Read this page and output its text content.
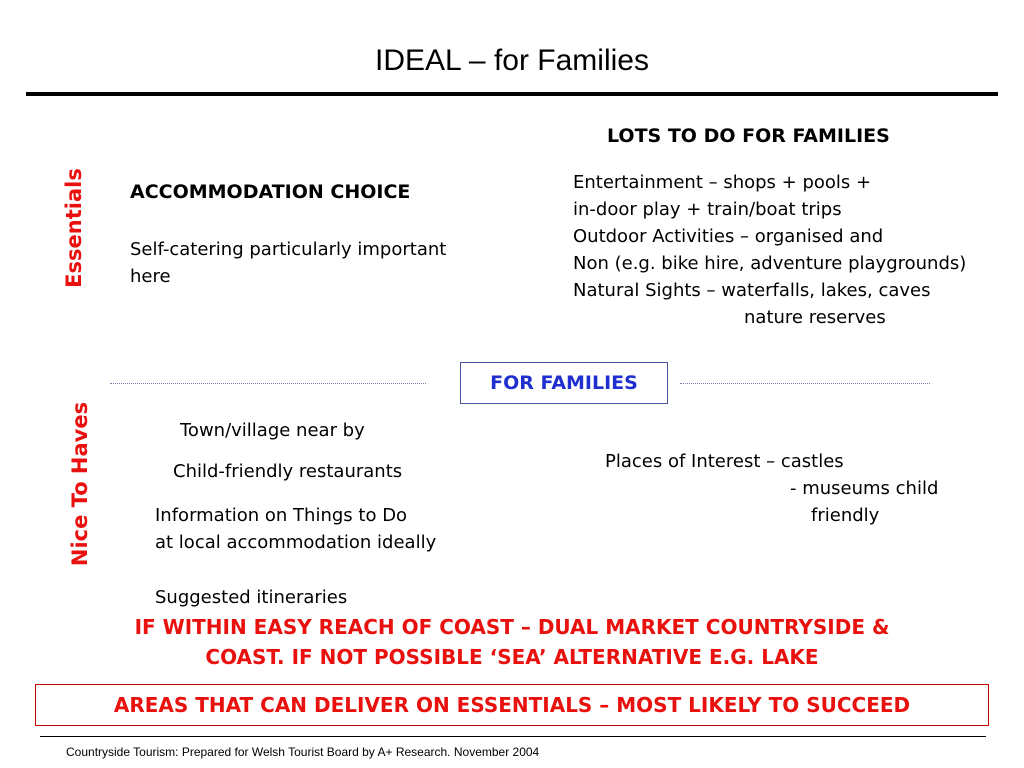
IDEAL – for Families
Essentials
Nice To Haves
ACCOMMODATION CHOICE
Self-catering particularly important
here
LOTS TO DO FOR FAMILIES
Entertainment – shops + pools +
in-door play + train/boat trips
Outdoor Activities – organised and
Non (e.g. bike hire, adventure playgrounds)
Natural Sights – waterfalls, lakes, caves
nature reserves
FOR FAMILIES
Town/village near by
Child-friendly restaurants
Information on Things to Do
at local accommodation ideally
Suggested itineraries
Places of Interest – castles
- museums child
friendly
IF WITHIN EASY REACH OF COAST – DUAL MARKET COUNTRYSIDE &
COAST. IF NOT POSSIBLE ‘SEA’ ALTERNATIVE E.G. LAKE
AREAS THAT CAN DELIVER ON ESSENTIALS – MOST LIKELY TO SUCCEED
Countryside Tourism: Prepared for Welsh Tourist Board by A+ Research. November 2004
